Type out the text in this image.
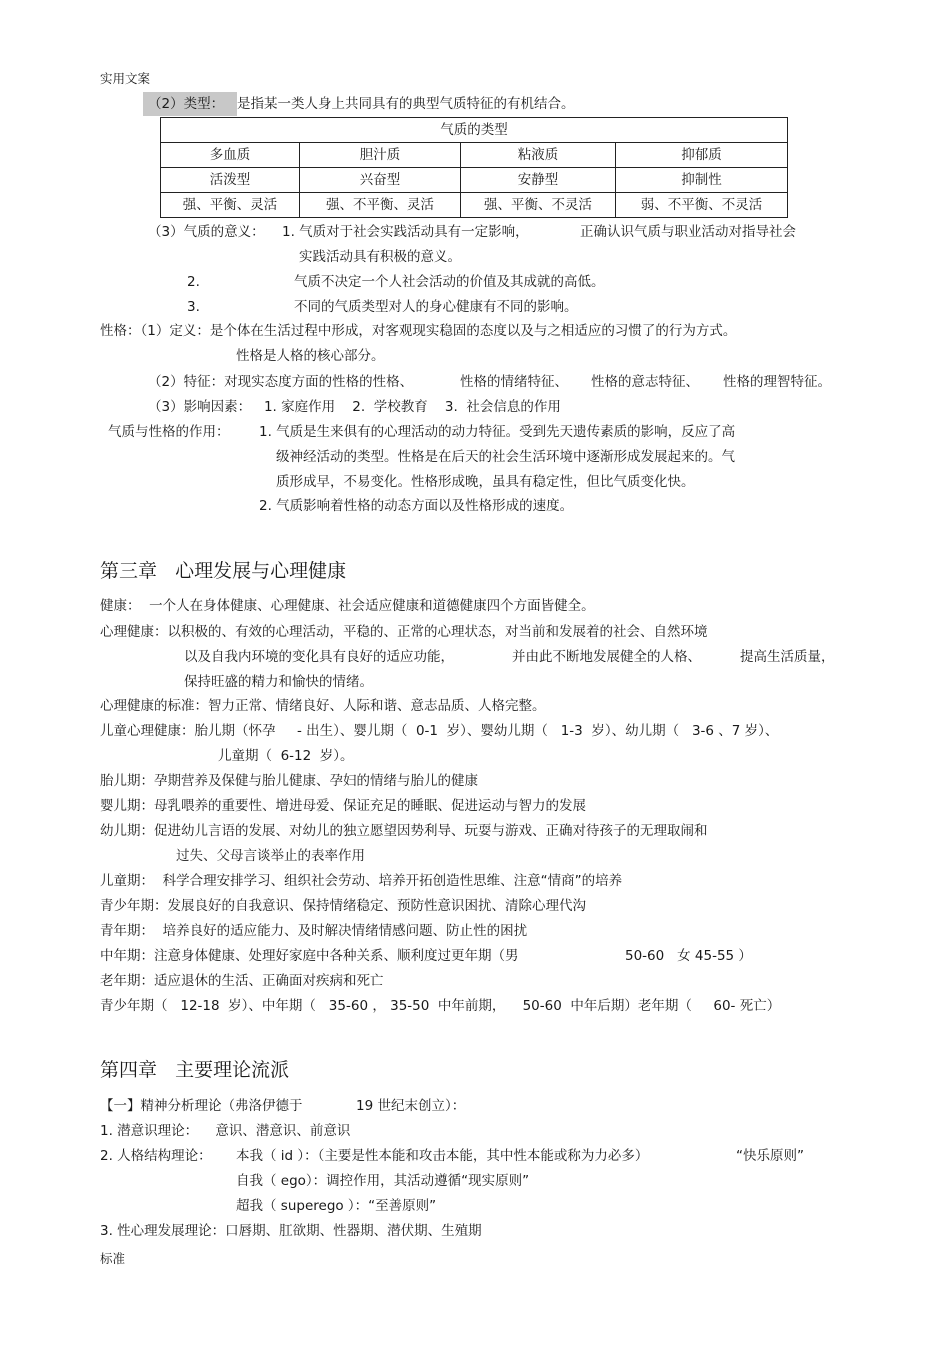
实用文案
（2）类型： 是指某一类人身上共同具有的典型气质特征的有机结合。
气质的类型			
多血质	胆汁质	粘液质	抑郁质
活泼型	兴奋型	安静型	抑制性
强、平衡、灵活	强、不平衡、灵活	强、平衡、不灵活	弱、不平衡、不灵活
（3）气质的意义： 1. 气质对于社会实践活动具有一定影响，	正确认识气质与职业活动对指导社会
实践活动具有积极的意义。
2.	气质不决定一个人社会活动的价值及其成就的高低。
3.	不同的气质类型对人的身心健康有不同的影响。
性格：（1）定义：是个体在生活过程中形成，对客观现实稳固的态度以及与之相适应的习惯了的行为方式。
性格是人格的核心部分。
（2）特征：对现实态度方面的性格的性格、	性格的情绪特征、 性格的意志特征、 性格的理智特征。
（3）影响因素：   1. 家庭作用    2.  学校教育    3.  社会信息的作用
气质与性格的作用： 1. 气质是生来俱有的心理活动的动力特征。受到先天遗传素质的影响，反应了高
级神经活动的类型。性格是在后天的社会生活环境中逐渐形成发展起来的。气
质形成早，不易变化。性格形成晚，虽具有稳定性，但比气质变化快。
2. 气质影响着性格的动态方面以及性格形成的速度。
第三章   心理发展与心理健康
健康：  一个人在身体健康、心理健康、社会适应健康和道德健康四个方面皆健全。
心理健康：以积极的、有效的心理活动，平稳的、正常的心理状态，对当前和发展着的社会、自然环境
以及自我内环境的变化具有良好的适应功能，	并由此不断地发展健全的人格、	提高生活质量，
保持旺盛的精力和愉快的情绪。
心理健康的标准：智力正常、情绪良好、人际和谐、意志品质、人格完整。
儿童心理健康：胎儿期（怀孕     - 出生）、婴儿期（  0-1  岁）、婴幼儿期（   1-3  岁）、幼儿期（   3-6 、7 岁）、
儿童期（  6-12  岁）。
胎儿期：孕期营养及保健与胎儿健康、孕妇的情绪与胎儿的健康
婴儿期：母乳喂养的重要性、增进母爱、保证充足的睡眠、促进运动与智力的发展
幼儿期：促进幼儿言语的发展、对幼儿的独立愿望因势利导、玩耍与游戏、正确对待孩子的无理取闹和
过失、父母言谈举止的表率作用
儿童期：  科学合理安排学习、组织社会劳动、培养开拓创造性思维、注意“情商”的培养
青少年期：发展良好的自我意识、保持情绪稳定、预防性意识困扰、清除心理代沟
青年期：  培养良好的适应能力、及时解决情绪情感问题、防止性的困扰
中年期：注意身体健康、处理好家庭中各种关系、顺利度过更年期（男	50-60   女 45-55 ）
老年期：适应退休的生活、正确面对疾病和死亡
青少年期（   12-18  岁）、中年期（   35-60 ， 35-50  中年前期，    50-60  中年后期）老年期（     60- 死亡）
第四章   主要理论流派
【一】精神分析理论（弗洛伊德于	19 世纪末创立）：
1. 潜意识理论：    意识、潜意识、前意识
2. 人格结构理论： 本我（ id ）：（主要是性本能和攻击本能，其中性本能或称为力必多）	“快乐原则”
自我（ ego）：调控作用，其活动遵循“现实原则”
超我（ superego ）：“至善原则”
3. 性心理发展理论：口唇期、肛欲期、性器期、潜伏期、生殖期
标准
